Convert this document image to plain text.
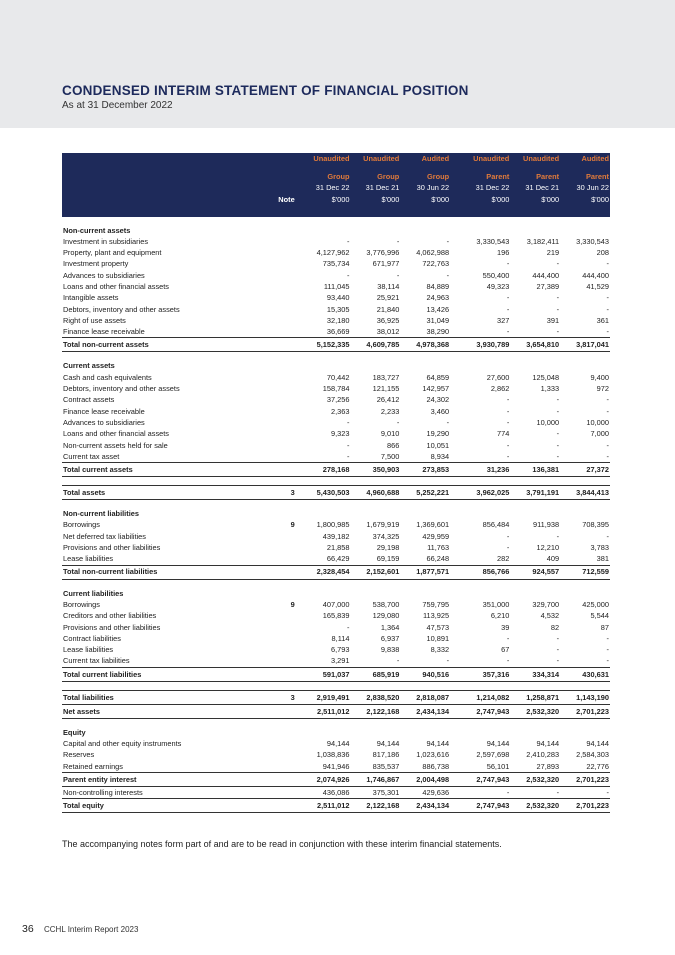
CONDENSED INTERIM STATEMENT OF FINANCIAL POSITION
As at 31 December 2022
		Unaudited	Unaudited	Audited	Unaudited	Unaudited	Audited

		Group	Group	Group	Parent	Parent	Parent
		31 Dec 22	31 Dec 21	30 Jun 22	31 Dec 22	31 Dec 21	30 Jun 22
	Note	$'000	$'000	$'000	$'000	$'000	$'000

Non-current assets							
Investment in subsidiaries		-	-	-	3,330,543	3,182,411	3,330,543
Property, plant and equipment		4,127,962	3,776,996	4,062,988	196	219	208
Investment property		735,734	671,977	722,763	-	-	-
Advances to subsidiaries		-	-	-	550,400	444,400	444,400
Loans and other financial assets		111,045	38,114	84,889	49,323	27,389	41,529
Intangible assets		93,440	25,921	24,963	-	-	-
Debtors, inventory and other assets		15,305	21,840	13,426	-	-	-
Right of use assets		32,180	36,925	31,049	327	391	361
Finance lease receivable		36,669	38,012	38,290	-	-	-
Total non-current assets		5,152,335	4,609,785	4,978,368	3,930,789	3,654,810	3,817,041

Current assets							
Cash and cash equivalents		70,442	183,727	64,859	27,600	125,048	9,400
Debtors, inventory and other assets		158,784	121,155	142,957	2,862	1,333	972
Contract assets		37,256	26,412	24,302	-	-	-
Finance lease receivable		2,363	2,233	3,460	-	-	-
Advances to subsidiaries		-	-	-	-	10,000	10,000
Loans and other financial assets		9,323	9,010	19,290	774	-	7,000
Non-current assets held for sale		-	866	10,051	-	-	-
Current tax asset		-	7,500	8,934	-	-	-
Total current assets		278,168	350,903	273,853	31,236	136,381	27,372

Total assets	3	5,430,503	4,960,688	5,252,221	3,962,025	3,791,191	3,844,413

Non-current liabilities							
Borrowings	9	1,800,985	1,679,919	1,369,601	856,484	911,938	708,395
Net deferred tax liabilities		439,182	374,325	429,959	-	-	-
Provisions and other liabilities		21,858	29,198	11,763	-	12,210	3,783
Lease liabilities		66,429	69,159	66,248	282	409	381
Total non-current liabilities		2,328,454	2,152,601	1,877,571	856,766	924,557	712,559

Current liabilities							
Borrowings	9	407,000	538,700	759,795	351,000	329,700	425,000
Creditors and other liabilities		165,839	129,080	113,925	6,210	4,532	5,544
Provisions and other liabilities		-	1,364	47,573	39	82	87
Contract liabilities		8,114	6,937	10,891	-	-	-
Lease liabilities		6,793	9,838	8,332	67	-	-
Current tax liabilities		3,291	-	-	-	-	-
Total current liabilities		591,037	685,919	940,516	357,316	334,314	430,631

Total liabilities	3	2,919,491	2,838,520	2,818,087	1,214,082	1,258,871	1,143,190
Net assets		2,511,012	2,122,168	2,434,134	2,747,943	2,532,320	2,701,223

Equity							
Capital and other equity instruments		94,144	94,144	94,144	94,144	94,144	94,144
Reserves		1,038,836	817,186	1,023,616	2,597,698	2,410,283	2,584,303
Retained earnings		941,946	835,537	886,738	56,101	27,893	22,776
Parent entity interest		2,074,926	1,746,867	2,004,498	2,747,943	2,532,320	2,701,223
Non-controlling interests		436,086	375,301	429,636	-	-	-
Total equity		2,511,012	2,122,168	2,434,134	2,747,943	2,532,320	2,701,223
The accompanying notes form part of and are to be read in conjunction with these interim financial statements.
36 CCHL Interim Report 2023
